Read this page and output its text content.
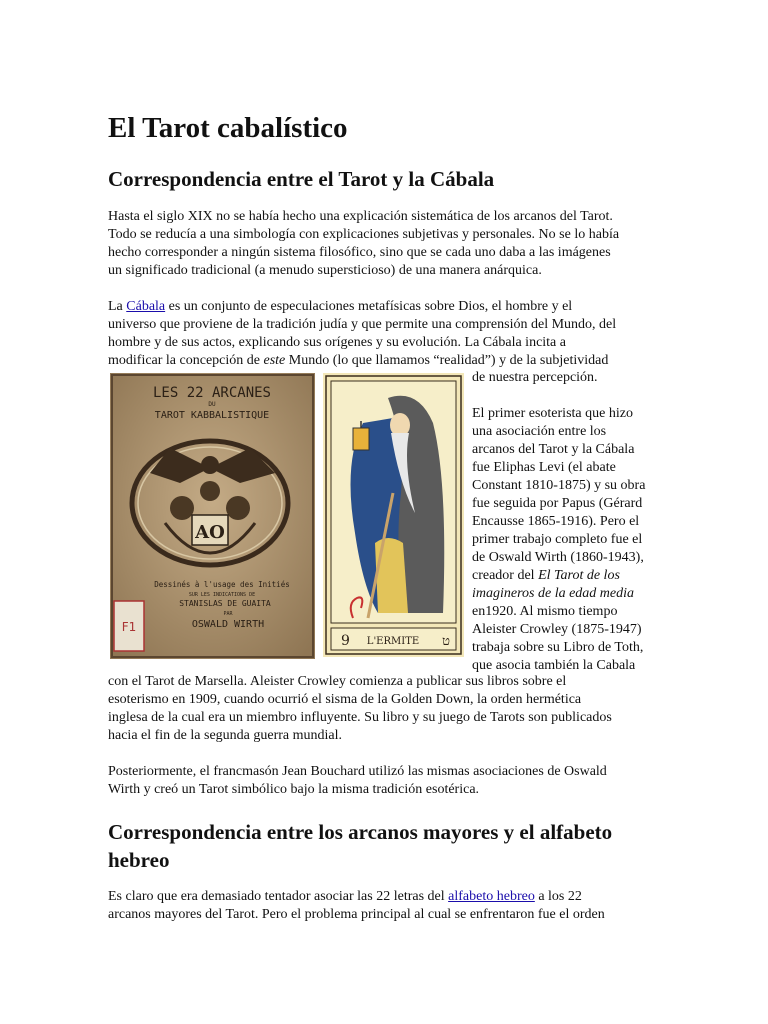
El Tarot cabalístico
Correspondencia entre el Tarot y la Cábala
Hasta el siglo XIX no se había hecho una explicación sistemática de los arcanos del Tarot.
Todo se reducía a una simbología con explicaciones subjetivas y personales. No se lo había
hecho corresponder a ningún sistema filosófico, sino que se cada uno daba a las imágenes
un significado tradicional (a menudo supersticioso) de una manera anárquica.
La Cábala es un conjunto de especulaciones metafísicas sobre Dios, el hombre y el
universo que proviene de la tradición judía y que permite una comprensión del Mundo, del
hombre y de sus actos, explicando sus orígenes y su evolución. La Cábala incita a
modificar la concepción de este Mundo (lo que llamamos “realidad”) y de la subjetividad
LES 22 ARCANES
DU
TAROT KABBALISTIQUE
AO
Dessinés à l'usage des Initiés
SUR LES INDICATIONS DE
STANISLAS DE GUAITA
PAR
OSWALD WIRTH
F1
9 L'ERMITE ט
de nuestra percepción.
El primer esoterista que hizo
una asociación entre los
arcanos del Tarot y la Cábala
fue Eliphas Levi (el abate
Constant 1810-1875) y su obra
fue seguida por Papus (Gérard
Encausse 1865-1916). Pero el
primer trabajo completo fue el
de Oswald Wirth (1860-1943),
creador del El Tarot de los
imagineros de la edad media
en1920. Al mismo tiempo
Aleister Crowley (1875-1947)
trabaja sobre su Libro de Toth,
que asocia también la Cabala
con el Tarot de Marsella. Aleister Crowley comienza a publicar sus libros sobre el
esoterismo en 1909, cuando ocurrió el sisma de la Golden Down, la orden hermética
inglesa de la cual era un miembro influyente. Su libro y su juego de Tarots son publicados
hacia el fin de la segunda guerra mundial.
Posteriormente, el francmasón Jean Bouchard utilizó las mismas asociaciones de Oswald
Wirth y creó un Tarot simbólico bajo la misma tradición esotérica.
Correspondencia entre los arcanos mayores y el alfabeto hebreo
Es claro que era demasiado tentador asociar las 22 letras del alfabeto hebreo a los 22
arcanos mayores del Tarot. Pero el problema principal al cual se enfrentaron fue el orden
